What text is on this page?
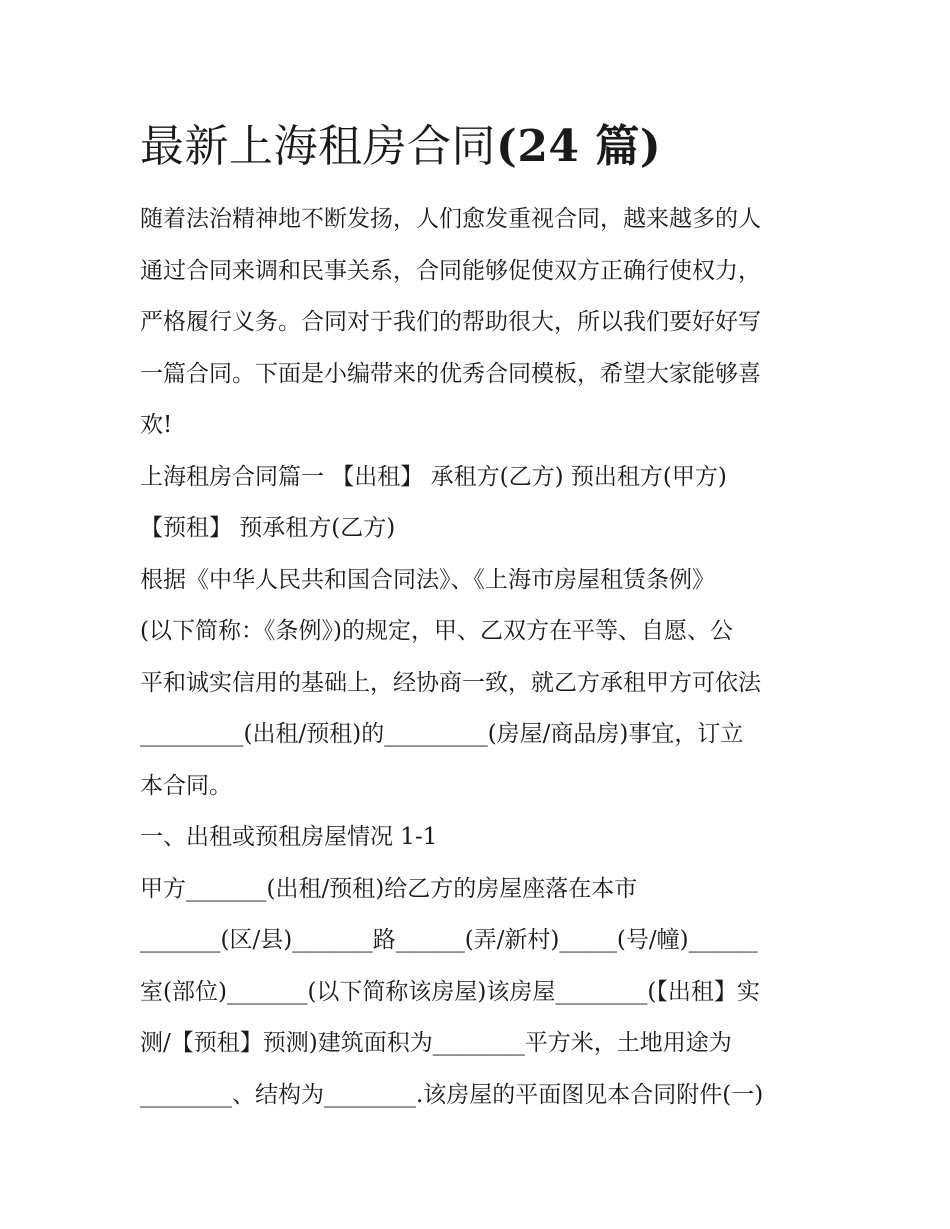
最新上海租房合同(24 篇)

随着法治精神地不断发扬，人们愈发重视合同，越来越多的人

通过合同来调和民事关系，合同能够促使双方正确行使权力，

严格履行义务。合同对于我们的帮助很大，所以我们要好好写

一篇合同。下面是小编带来的优秀合同模板，希望大家能够喜

欢!

上海租房合同篇一 【出租】 承租方(乙方) 预出租方(甲方)

【预租】 预承租方(乙方)

根据《中华人民共和国合同法》、《上海市房屋租赁条例》

(以下简称：《条例》)的规定，甲、乙双方在平等、自愿、公

平和诚实信用的基础上，经协商一致，就乙方承租甲方可依法

_________(出租/预租)的_________(房屋/商品房)事宜，订立

本合同。

一、出租或预租房屋情况 1-1

甲方_______(出租/预租)给乙方的房屋座落在本市

_______(区/县)_______路______(弄/新村)_____(号/幢)______

室(部位)_______(以下简称该房屋)该房屋________(【出租】实

测/【预租】预测)建筑面积为________平方米，土地用途为

________、结构为________.该房屋的平面图见本合同附件(一)
